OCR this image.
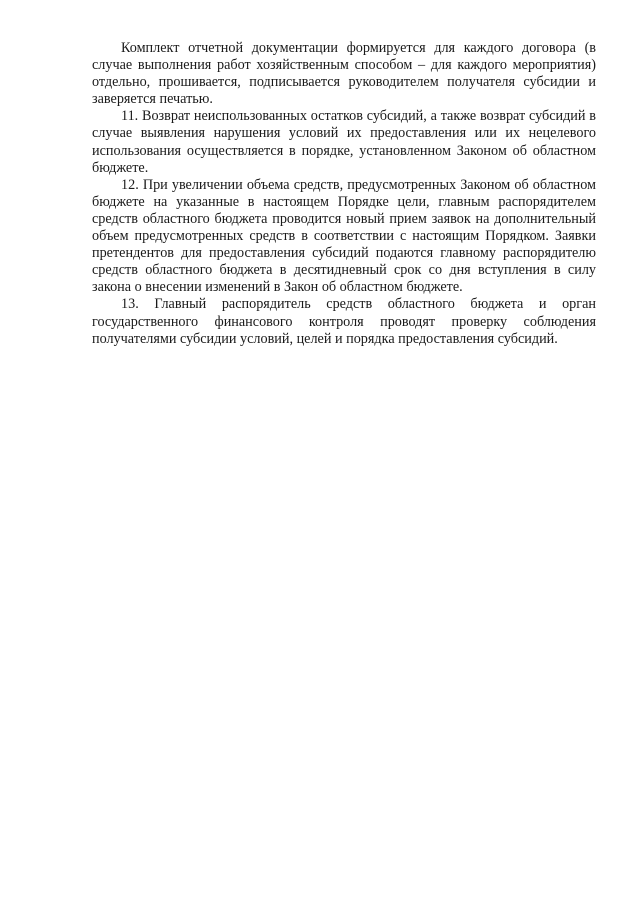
Комплект отчетной документации формируется для каждого договора (в случае выполнения работ хозяйственным способом – для каждого мероприятия) отдельно, прошивается, подписывается руководителем получателя субсидии и заверяется печатью.

11. Возврат неиспользованных остатков субсидий, а также возврат субсидий в случае выявления нарушения условий их предоставления или их нецелевого использования осуществляется в порядке, установленном Законом об областном бюджете.

12. При увеличении объема средств, предусмотренных Законом об областном бюджете на указанные в настоящем Порядке цели, главным распорядителем средств областного бюджета проводится новый прием заявок на дополнительный объем предусмотренных средств в соответствии с настоящим Порядком. Заявки претендентов для предоставления субсидий подаются главному распорядителю средств областного бюджета в десятидневный срок со дня вступления в силу закона о внесении изменений в Закон об областном бюджете.

13. Главный распорядитель средств областного бюджета и орган государственного финансового контроля проводят проверку соблюдения получателями субсидии условий, целей и порядка предоставления субсидий.
